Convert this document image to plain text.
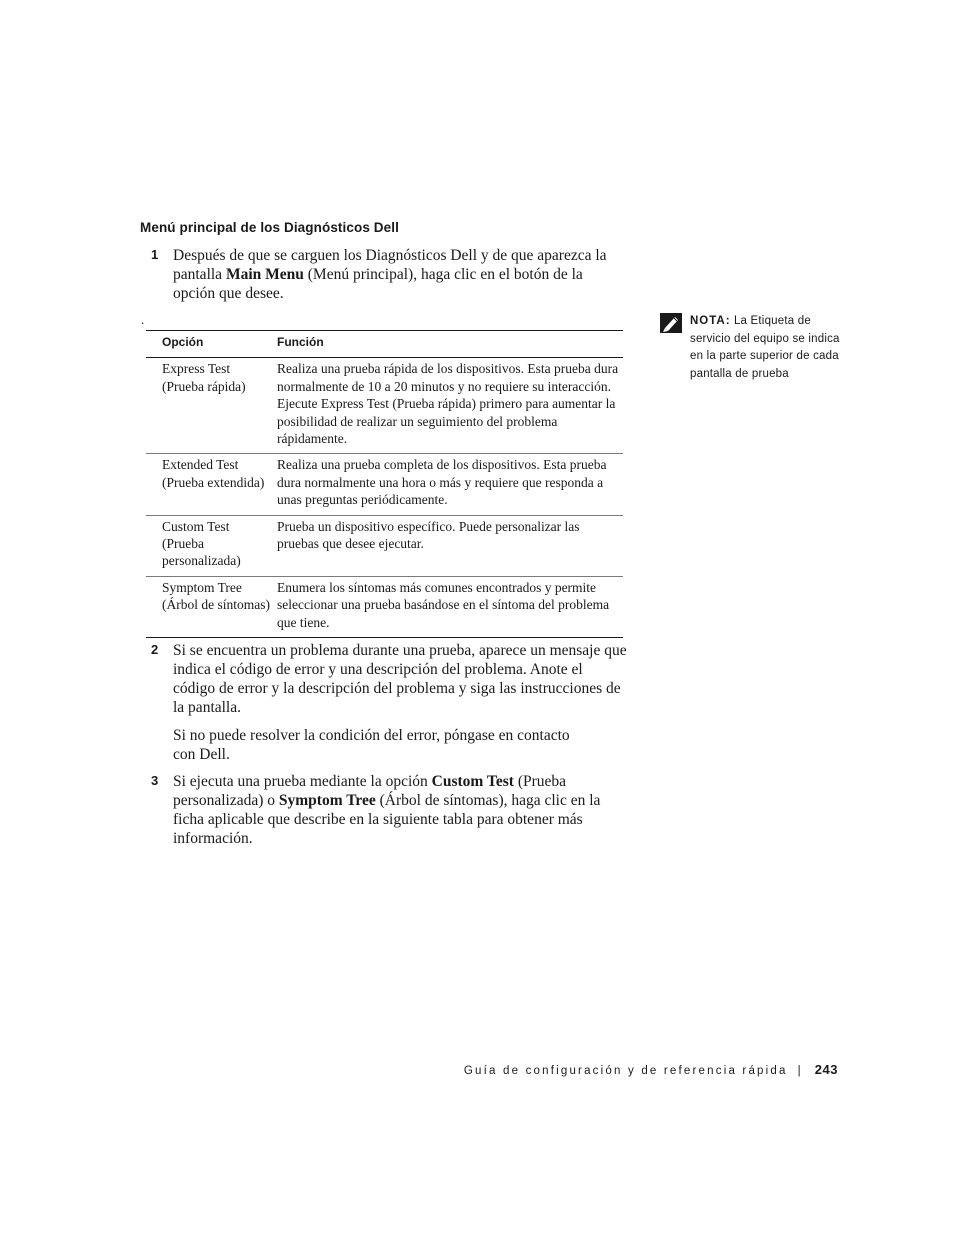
Menú principal de los Diagnósticos Dell
1 Después de que se carguen los Diagnósticos Dell y de que aparezca la pantalla Main Menu (Menú principal), haga clic en el botón de la opción que desee.

.
Opción	Función
Express Test (Prueba rápida)	Realiza una prueba rápida de los dispositivos. Esta prueba dura normalmente de 10 a 20 minutos y no requiere su interacción. Ejecute Express Test (Prueba rápida) primero para aumentar la posibilidad de realizar un seguimiento del problema rápidamente.
Extended Test (Prueba extendida)	Realiza una prueba completa de los dispositivos. Esta prueba dura normalmente una hora o más y requiere que responda a unas preguntas periódicamente.
Custom Test (Prueba personalizada)	Prueba un dispositivo específico. Puede personalizar las pruebas que desee ejecutar.
Symptom Tree (Árbol de síntomas)	Enumera los síntomas más comunes encontrados y permite seleccionar una prueba basándose en el síntoma del problema que tiene.
2 Si se encuentra un problema durante una prueba, aparece un mensaje que indica el código de error y una descripción del problema. Anote el código de error y la descripción del problema y siga las instrucciones de la pantalla.

Si no puede resolver la condición del error, póngase en contacto con Dell.

3 Si ejecuta una prueba mediante la opción Custom Test (Prueba personalizada) o Symptom Tree (Árbol de síntomas), haga clic en la ficha aplicable que describe en la siguiente tabla para obtener más información.

NOTA: La Etiqueta de servicio del equipo se indica en la parte superior de cada pantalla de prueba
Guía de configuración y de referencia rápida | 243
